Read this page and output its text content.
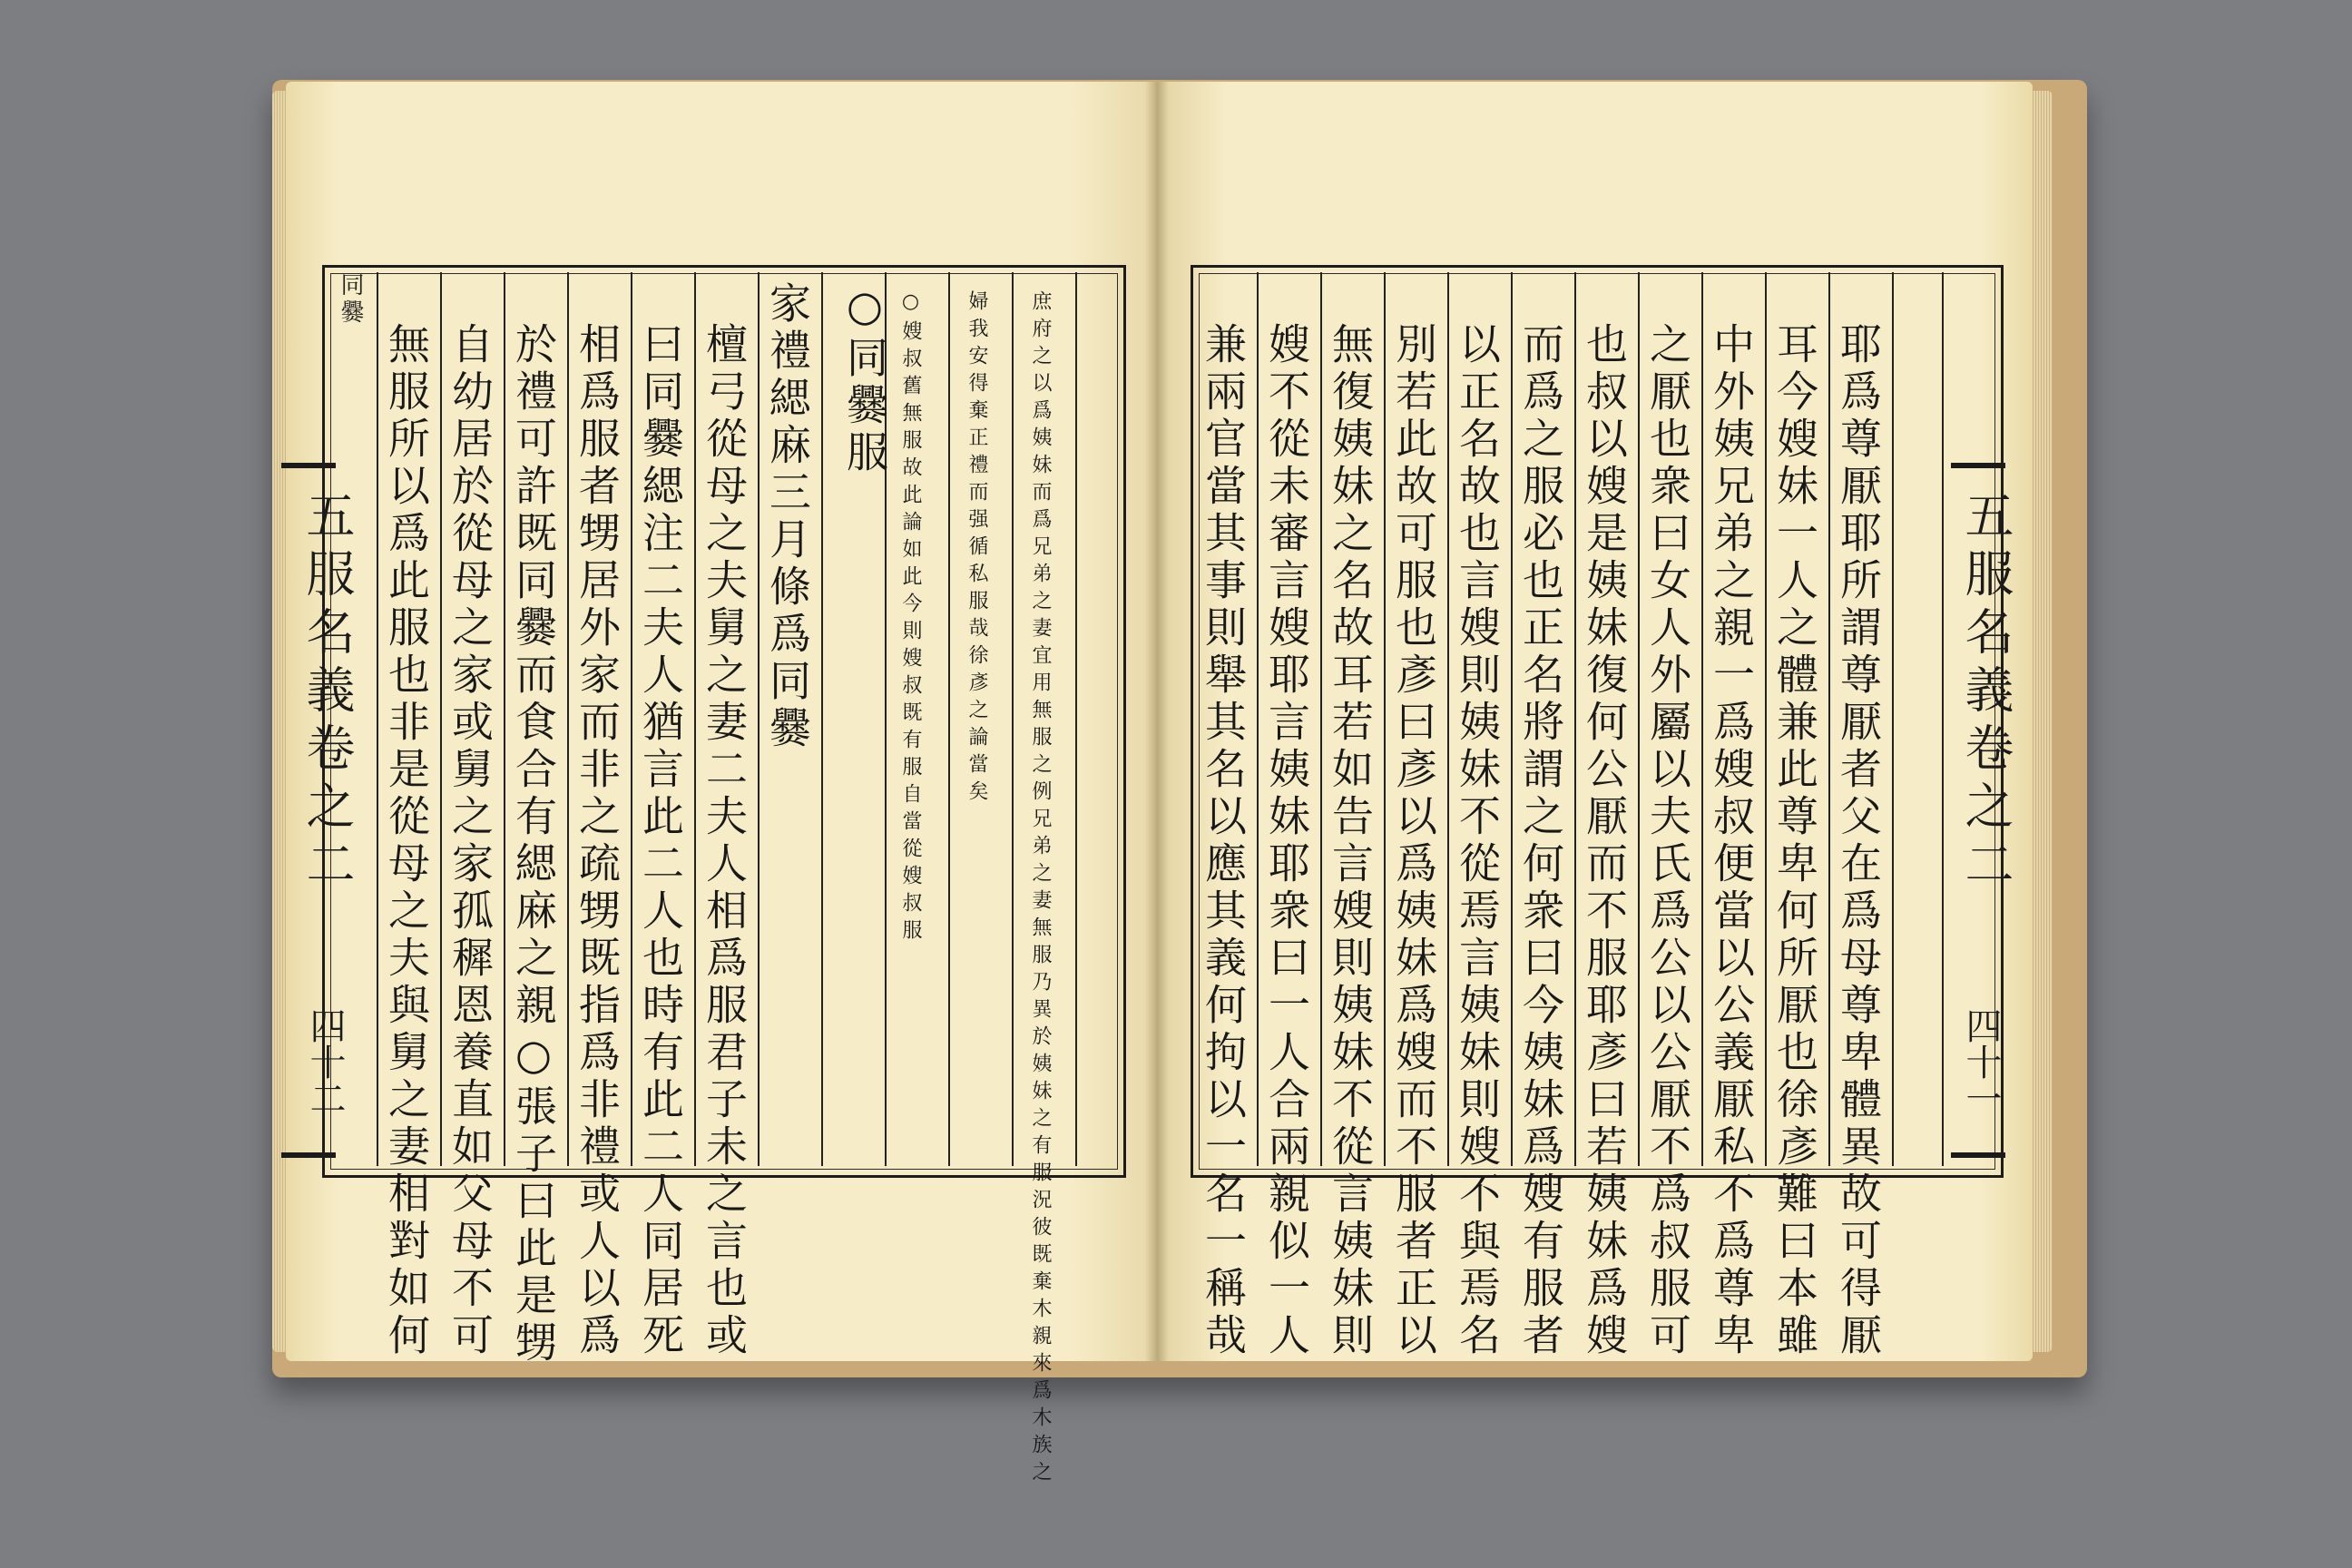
同爨
五服名義卷之二
四十二 無服所以爲此服也非是從母之夫與舅之妻相對如何 自幼居於從母之家或舅之家孤穉恩養直如父母不可 於禮可許既同爨而食合有緦麻之親○張子曰此是甥 相爲服者甥居外家而非之疏甥既指爲非禮或人以爲 曰同爨緦注二夫人猶言此二人也時有此二人同居死 檀弓從母之夫舅之妻二夫人相爲服君子未之言也或 家禮緦麻三月條爲同爨 ○同爨服 ○嫂叔舊無服故此論如此今則嫂叔既有服自當從嫂叔服 婦我安得棄正禮而强循私服哉徐彥之論當矣 庶府之以爲姨妹而爲兄弟之妻宜用無服之例兄弟之妻無服乃異於姨妹之有服況彼既棄木親來爲木族之	兼兩官當其事則舉其名以應其義何拘以一名一稱哉 嫂不從未審言嫂耶言姨妹耶衆曰一人合兩親似一人 無復姨妹之名故耳若如告言嫂則姨妹不從言姨妹則 別若此故可服也彥曰彥以爲姨妹爲嫂而不服者正以 以正名故也言嫂則姨妹不從焉言姨妹則嫂不與焉名 而爲之服必也正名將謂之何衆曰今姨妹爲嫂有服者 也叔以嫂是姨妹復何公厭而不服耶彥曰若姨妹爲嫂 之厭也衆曰女人外屬以夫氏爲公以公厭不爲叔服可 中外姨兄弟之親一爲嫂叔便當以公義厭私不爲尊卑 耳今嫂妹一人之體兼此尊卑何所厭也徐彥難曰本雖 耶爲尊厭耶所謂尊厭者父在爲母尊卑體異故可得厭 五服名義卷之二
四十一
